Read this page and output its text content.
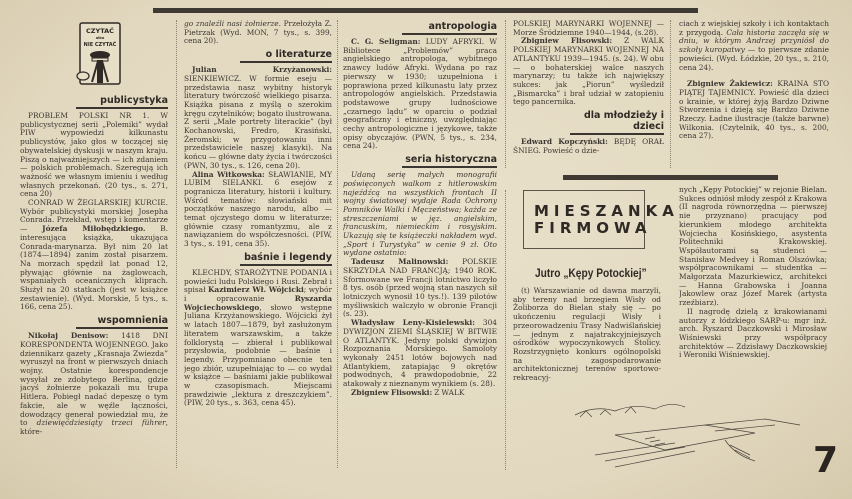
CZYTAĆ
albo
NIE CZYTAĆ
publicystyka

PROBLEM POLSKI NR 1. W publicystycznej serii „Polemiki” wydał PIW wypowiedzi kilkunastu publicystów, jako głos w toczącej się obywatelskiej dyskusji w naszym kraju. Piszą o najważniejszych — ich zdaniem — polskich problemach. Szeregują ich ważność we własnym imieniu i według własnych przekonań. (20 tys., s. 271, cena 20)

CONRAD W ŻEGLARSKIEJ KURCIE. Wybór publicystyki morskiej Josepha Conrada. Przekład, wstęp i komentarze — Józefa Miłobędzkiego. B. interesująca książka, ukazująca Conrada-marynarza. Był nim 20 lat (1874—1894) zanim został pisarzem. Na morzach spędził lat ponad 12, pływając głównie na żaglowcach, wspaniałych oceanicznych kliprach. Służył na 20 statkach (jest w książce zestawienie). (Wyd. Morskie, 5 tys., s. 166, cena 25).

wspomnienia

Nikołaj Denisow: 1418 DNI KORESPONDENTA WOJENNEGO. Jako dziennikarz gazety „Krasnaja Zwiezda” wyruszył na front w pierwszych dniach wojny. Ostatnie korespondencje wysyłał ze zdobytego Berlina, gdzie jacyś żołnierze pokazali mu trupa Hitlera. Pobiegł nadać depeszę o tym fakcie, ale w węźle łączności, dowodzący generał powiedział mu, że to dziewięćdziesiąty trzeci führer, które-

go znaleźli nasi żołnierze. Przełożyła Z. Pietrzak (Wyd. MON, 7 tys., s. 399, cena 20).

o literaturze

Julian Krzyżanowski: SIENKIEWICZ. W formie eseju — przedstawia nasz wybitny historyk literatury twórczość wielkiego pisarza. Książka pisana z myślą o szerokim kręgu czytelników; bogato ilustrowana. Z serii „Małe portrety literackie” (był Kochanowski, Fredro, Krasiński, Żeromski; w przygotowaniu inni przedstawiciele naszej klasyki). Na końcu — główne daty życia i twórczości (PWN, 30 tys., s. 126, cena 20).

Alina Witkowska: SŁAWIANIE, MY LUBIM SIELANKI. 6 esejów z pogranicza literatury, historii i kultury. Wśród tematów: słowiański mit początków naszego narodu, albo — temat ojczystego domu w literaturze; głównie czasy romantyzmu, ale z nawiązaniem do współczesności. (PIW, 3 tys., s. 191, cena 35).

baśnie i legendy

KLECHDY, STAROŻYTNE PODANIA i powieści ludu Polskiego i Rusi. Zebrał i spisał Kazimierz Wł. Wójcicki; wybór i opracowanie Ryszarda Wojciechowskiego, słowo wstępne Juliana Krzyżanowskiego. Wójcicki żył w latach 1807—1879, był zasłużonym literatem warszawskim, a także folklorystą — zbierał i publikował przysłowia, podobnie — baśnie i legendy. Przypomniano obecnie ten jego zbiór, uzupełniając to — co wydał w książce — baśniami jakie publikował w czasopismach. Miejscami prawdziwie „lektura z dreszczykiem”. (PIW, 20 tys., s. 363, cena 45).

antropologia

C. G. Seligman: LUDY AFRYKI. W Bibliotece „Problemów” praca angielskiego antropologa, wybitnego znawcy ludów Afryki. Wydana po raz pierwszy w 1930; uzupełniona i poprawiona przed kilkunastu laty przez antropologów angielskich. Przedstawia podstawowe grupy ludnościowe „czarnego lądu” w oparciu o podział geograficzny i etniczny, uwzględniając cechy antropologiczne i językowe, także opisy obyczajów. (PWN, 5 tys., s. 234, cena 24).

seria historyczna

Udaną serię małych monografii poświęconych walkom z hitlerowskim najeźdźcą na wszystkich frontach II wojny światowej wydaje Rada Ochrony Pomników Walki i Męczeństwa; każda ze streszczeniami w jęz. angielskim, francuskim, niemieckim i rosyjskim. Ukazują się te książeczki nakładem wyd. „Sport i Turystyka” w cenie 9 zł. Oto wydane ostatnio:

Tadeusz Malinowski: POLSKIE SKRZYDŁA NAD FRANCJĄ; 1940 ROK. Sformowane we Francji lotnictwo liczyło 8 tys. osób (przed wojną stan naszych sił lotniczych wynosił 10 tys.!). 139 pilotów myśliwskich walczyło w obronie Francji (s. 23).

Władysław Leny-Kisielewski: 304 DYWIZJON ZIEMI ŚLĄSKIEJ W BITWIE O ATLANTYK. Jedyny polski dywizjon Rozpoznania Morskiego. Samoloty wykonały 2451 lotów bojowych nad Atlantykiem, zatapiając 9 okrętów podwodnych, 4 prawdopodobnie, 22 atakowały z nieznanym wynikiem (s. 28).

Zbigniew Flisowski: Z WALK

POLSKIEJ MARYNARKI WOJENNEJ — Morze Śródziemne 1940—1944, (s.28).

Zbigniew Flisowski: Z WALK POLSKIEJ MARYNARKI WOJENNEJ NA ATLANTYKU 1939—1945. (s. 24). W obu — o bohaterskiej walce naszych marynarzy; tu także ich największy sukces: jak „Piorun” wyśledził „Bismarcka” i brał udział w zatopieniu tego pancernika.

dla młodzieży i dzieci

Edward Kopczyński: BĘDĘ ORAŁ ŚNIEG. Powieść o dzie-

ciach z wiejskiej szkoły i ich kontaktach z przygodą. Cała historia zaczęła się w dniu, w którym Andrzej przyniósł do szkoły kuropatwy — to pierwsze zdanie powieści. (Wyd. Łódzkie, 20 tys., s. 210, cena 24).

Zbigniew Żakiewicz: KRAINA STO PIĄTEJ TAJEMNICY. Powieść dla dzieci o krainie, w której żyją Bardzo Dziwne Stworzenia i dzieją się Bardzo Dziwne Rzeczy. Ładne ilustracje (także barwne) Wilkonia. (Czytelnik, 40 tys., s. 200, cena 27).

(t) Warszawianie od dawna marzyli, aby tereny nad brzegiem Wisły od Żoliborza do Bielan stały się — po ukończeniu regulacji Wisły i przeorowadzeniu Trasy Nadwiślańskiej — jednym z najatrakcyjniejszych ośrodków wypoczynkowych Stolicy. Rozstrzygnięto konkurs ogólnopolski na zagospodarowanie architektonicznej terenów sportowo-rekreacyj-

nych „Kępy Potockiej” w rejonie Bielan. Sukces odniósł młody zespół z Krakowa (II nagroda równorzędna — pierwszej nie przyznano) pracujący pod kierunkiem młodego architekta Wojciecha Kosińskiego, asystenta Politechniki Krakowskiej. Współautorami są studenci — Stanisław Medvey i Roman Olszówka; współpracownikami — studentka — Małgorzata Mazurkiewicz, architekci — Hanna Grabowska i Joanna Jakowlew oraz Józef Marek (artysta rzeźbiarz).

II nagrodę dzielą z krakowianami autorzy z łódzkiego SARP-u: mgr inż. arch. Ryszard Daczkowski i Mirosław Wiśniewski przy współpracy architektów — Zdzisławy Daczkowskiej i Weroniki Wiśniewskiej.

MIESZANKA
FIRMOWA
Jutro „Kępy Potockiej”
7
